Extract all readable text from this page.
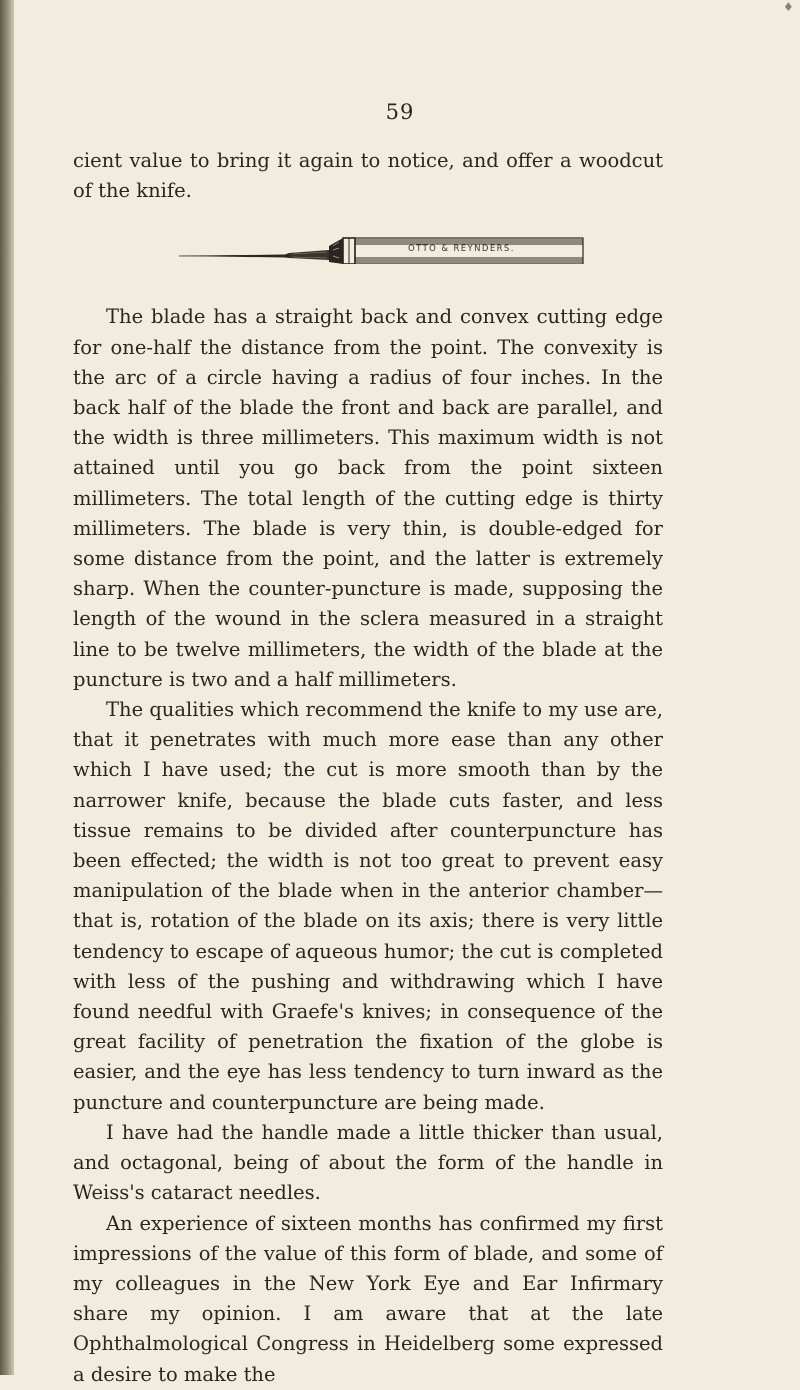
59

cient value to bring it again to notice, and offer a woodcut of the knife.

The blade has a straight back and convex cutting edge for one-half the distance from the point. The convexity is the arc of a circle having a radius of four inches. In the back half of the blade the front and back are parallel, and the width is three millimeters. This maximum width is not attained until you go back from the point sixteen millimeters. The total length of the cutting edge is thirty millimeters. The blade is very thin, is double-edged for some distance from the point, and the latter is extremely sharp. When the counter-puncture is made, supposing the length of the wound in the sclera measured in a straight line to be twelve millimeters, the width of the blade at the puncture is two and a half millimeters.

The qualities which recommend the knife to my use are, that it penetrates with much more ease than any other which I have used; the cut is more smooth than by the narrower knife, because the blade cuts faster, and less tissue remains to be divided after counterpuncture has been effected; the width is not too great to prevent easy manipulation of the blade when in the anterior chamber—that is, rotation of the blade on its axis; there is very little tendency to escape of aqueous humor; the cut is completed with less of the pushing and withdrawing which I have found needful with Graefe's knives; in consequence of the great facility of penetration the fixation of the globe is easier, and the eye has less tendency to turn inward as the puncture and counterpuncture are being made.

I have had the handle made a little thicker than usual, and octagonal, being of about the form of the handle in Weiss's cataract needles.

An experience of sixteen months has confirmed my first impressions of the value of this form of blade, and some of my colleagues in the New York Eye and Ear Infirmary share my opinion. I am aware that at the late Ophthalmological Congress in Heidelberg some expressed a desire to make the

OTTO & REYNDERS.
♦
